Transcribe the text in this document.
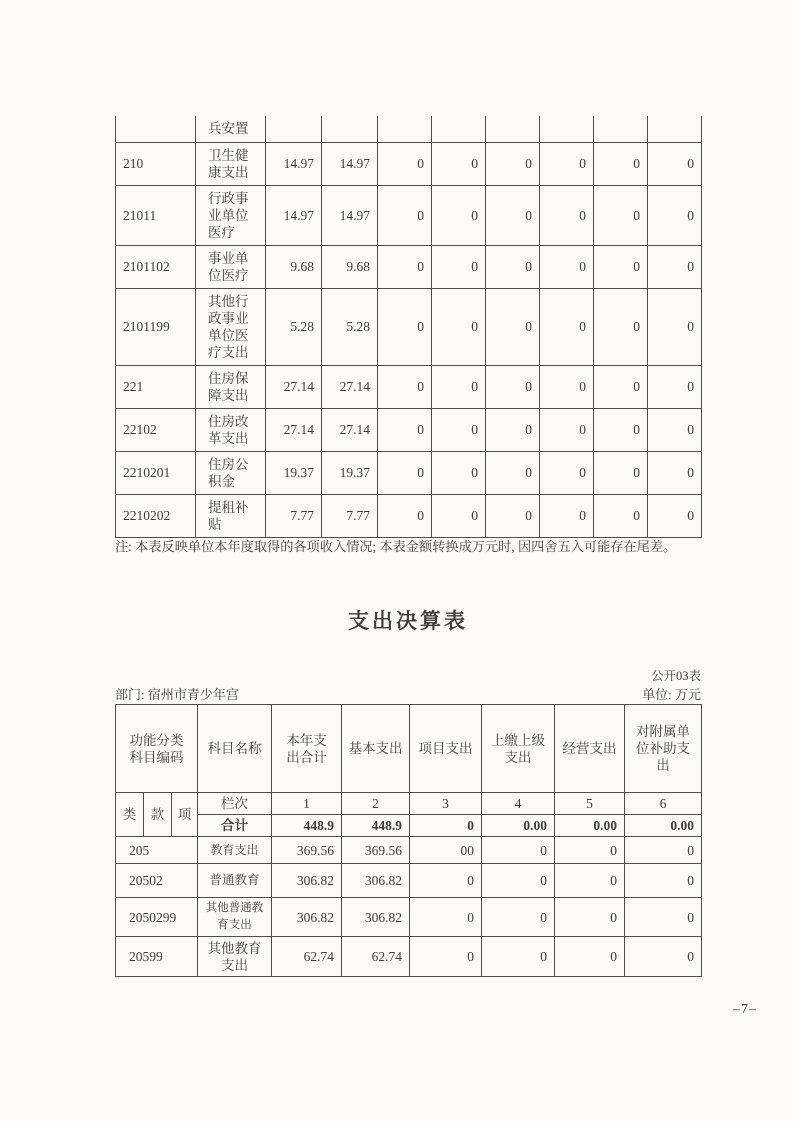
	兵安置								
210	卫生健康支出	14.97	14.97	0	0	0	0	0	0
21011	行政事业单位医疗	14.97	14.97	0	0	0	0	0	0
2101102	事业单位医疗	9.68	9.68	0	0	0	0	0	0
2101199	其他行政事业单位医疗支出	5.28	5.28	0	0	0	0	0	0
221	住房保障支出	27.14	27.14	0	0	0	0	0	0
22102	住房改革支出	27.14	27.14	0	0	0	0	0	0
2210201	住房公积金	19.37	19.37	0	0	0	0	0	0
2210202	提租补贴	7.77	7.77	0	0	0	0	0	0
注: 本表反映单位本年度取得的各项收入情况; 本表金额转换成万元时, 因四舍五入可能存在尾差。
支出决算表
公开03表
部门: 宿州市青少年宫	单位: 万元
功能分类科目编码			科目名称	本年支出合计	基本支出	项目支出	上缴上级支出	经营支出	对附属单位补助支出
类	款	项	栏次	1	2	3	4	5	6
			合计	448.9	448.9	0	0.00	0.00	0.00
205			教育支出	369.56	369.56	00	0	0	0
20502			普通教育	306.82	306.82	0	0	0	0
2050299			其他普通教育支出	306.82	306.82	0	0	0	0
20599			其他教育支出	62.74	62.74	0	0	0	0
–7–
